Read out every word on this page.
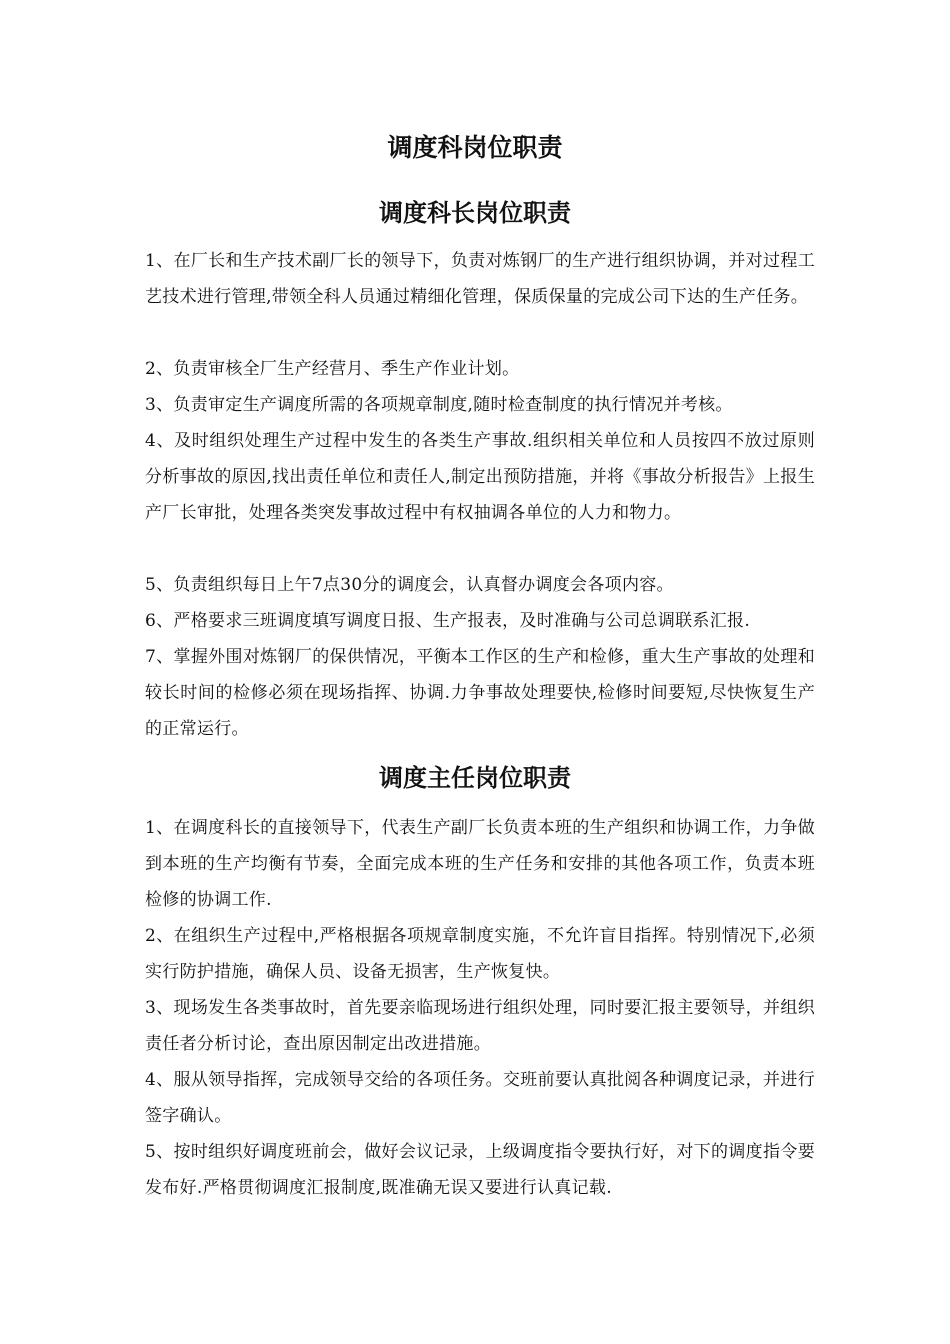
调度科岗位职责
调度科长岗位职责

1、在厂长和生产技术副厂长的领导下，负责对炼钢厂的生产进行组织协调，并对过程工艺技术进行管理,带领全科人员通过精细化管理，保质保量的完成公司下达的生产任务。

2、负责审核全厂生产经营月、季生产作业计划。

3、负责审定生产调度所需的各项规章制度,随时检查制度的执行情况并考核。

4、及时组织处理生产过程中发生的各类生产事故.组织相关单位和人员按四不放过原则分析事故的原因,找出责任单位和责任人,制定出预防措施，并将《事故分析报告》上报生产厂长审批，处理各类突发事故过程中有权抽调各单位的人力和物力。

5、负责组织每日上午7点30分的调度会，认真督办调度会各项内容。

6、严格要求三班调度填写调度日报、生产报表，及时准确与公司总调联系汇报.

7、掌握外围对炼钢厂的保供情况，平衡本工作区的生产和检修，重大生产事故的处理和较长时间的检修必须在现场指挥、协调.力争事故处理要快,检修时间要短,尽快恢复生产的正常运行。

调度主任岗位职责

1、在调度科长的直接领导下，代表生产副厂长负责本班的生产组织和协调工作，力争做到本班的生产均衡有节奏，全面完成本班的生产任务和安排的其他各项工作，负责本班检修的协调工作.

2、在组织生产过程中,严格根据各项规章制度实施，不允许盲目指挥。特别情况下,必须实行防护措施，确保人员、设备无损害，生产恢复快。

3、现场发生各类事故时，首先要亲临现场进行组织处理，同时要汇报主要领导，并组织责任者分析讨论，查出原因制定出改进措施。

4、服从领导指挥，完成领导交给的各项任务。交班前要认真批阅各种调度记录，并进行签字确认。

5、按时组织好调度班前会，做好会议记录，上级调度指令要执行好，对下的调度指令要发布好.严格贯彻调度汇报制度,既准确无误又要进行认真记载.
